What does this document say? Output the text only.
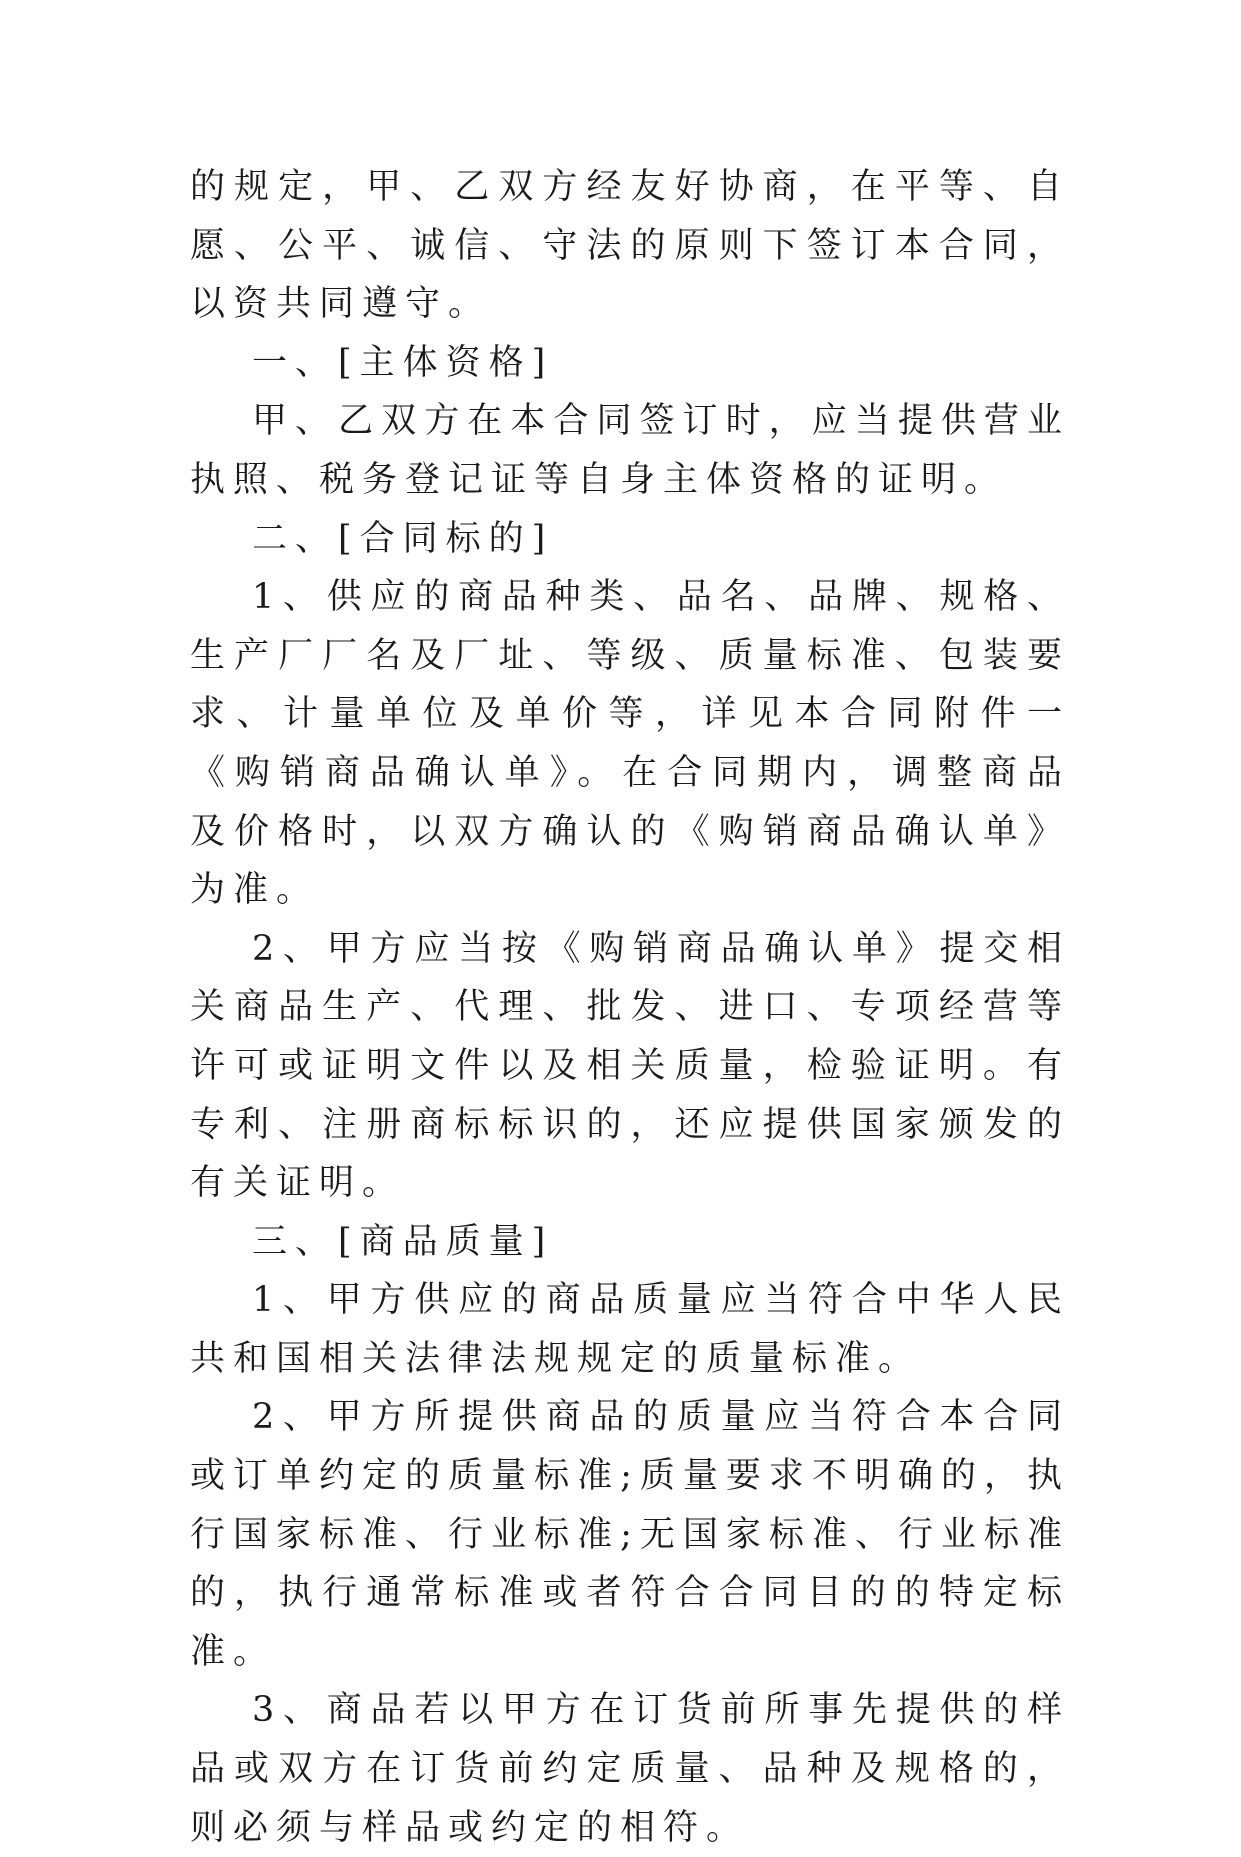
的规定，甲、乙双方经友好协商，在平等、自愿、公平、诚信、守法的原则下签订本合同，以资共同遵守。

一、[主体资格]

甲、乙双方在本合同签订时，应当提供营业执照、税务登记证等自身主体资格的证明。

二、[合同标的]

1、供应的商品种类、品名、品牌、规格、生产厂厂名及厂址、等级、质量标准、包装要求、计量单位及单价等，详见本合同附件一《购销商品确认单》。在合同期内，调整商品及价格时，以双方确认的《购销商品确认单》为准。

2、甲方应当按《购销商品确认单》提交相关商品生产、代理、批发、进口、专项经营等许可或证明文件以及相关质量，检验证明。有专利、注册商标标识的，还应提供国家颁发的有关证明。

三、[商品质量]

1、甲方供应的商品质量应当符合中华人民共和国相关法律法规规定的质量标准。

2、甲方所提供商品的质量应当符合本合同或订单约定的质量标准;质量要求不明确的，执行国家标准、行业标准;无国家标准、行业标准的，执行通常标准或者符合合同目的的特定标准。

3、商品若以甲方在订货前所事先提供的样品或双方在订货前约定质量、品种及规格的，则必须与样品或约定的相符。
